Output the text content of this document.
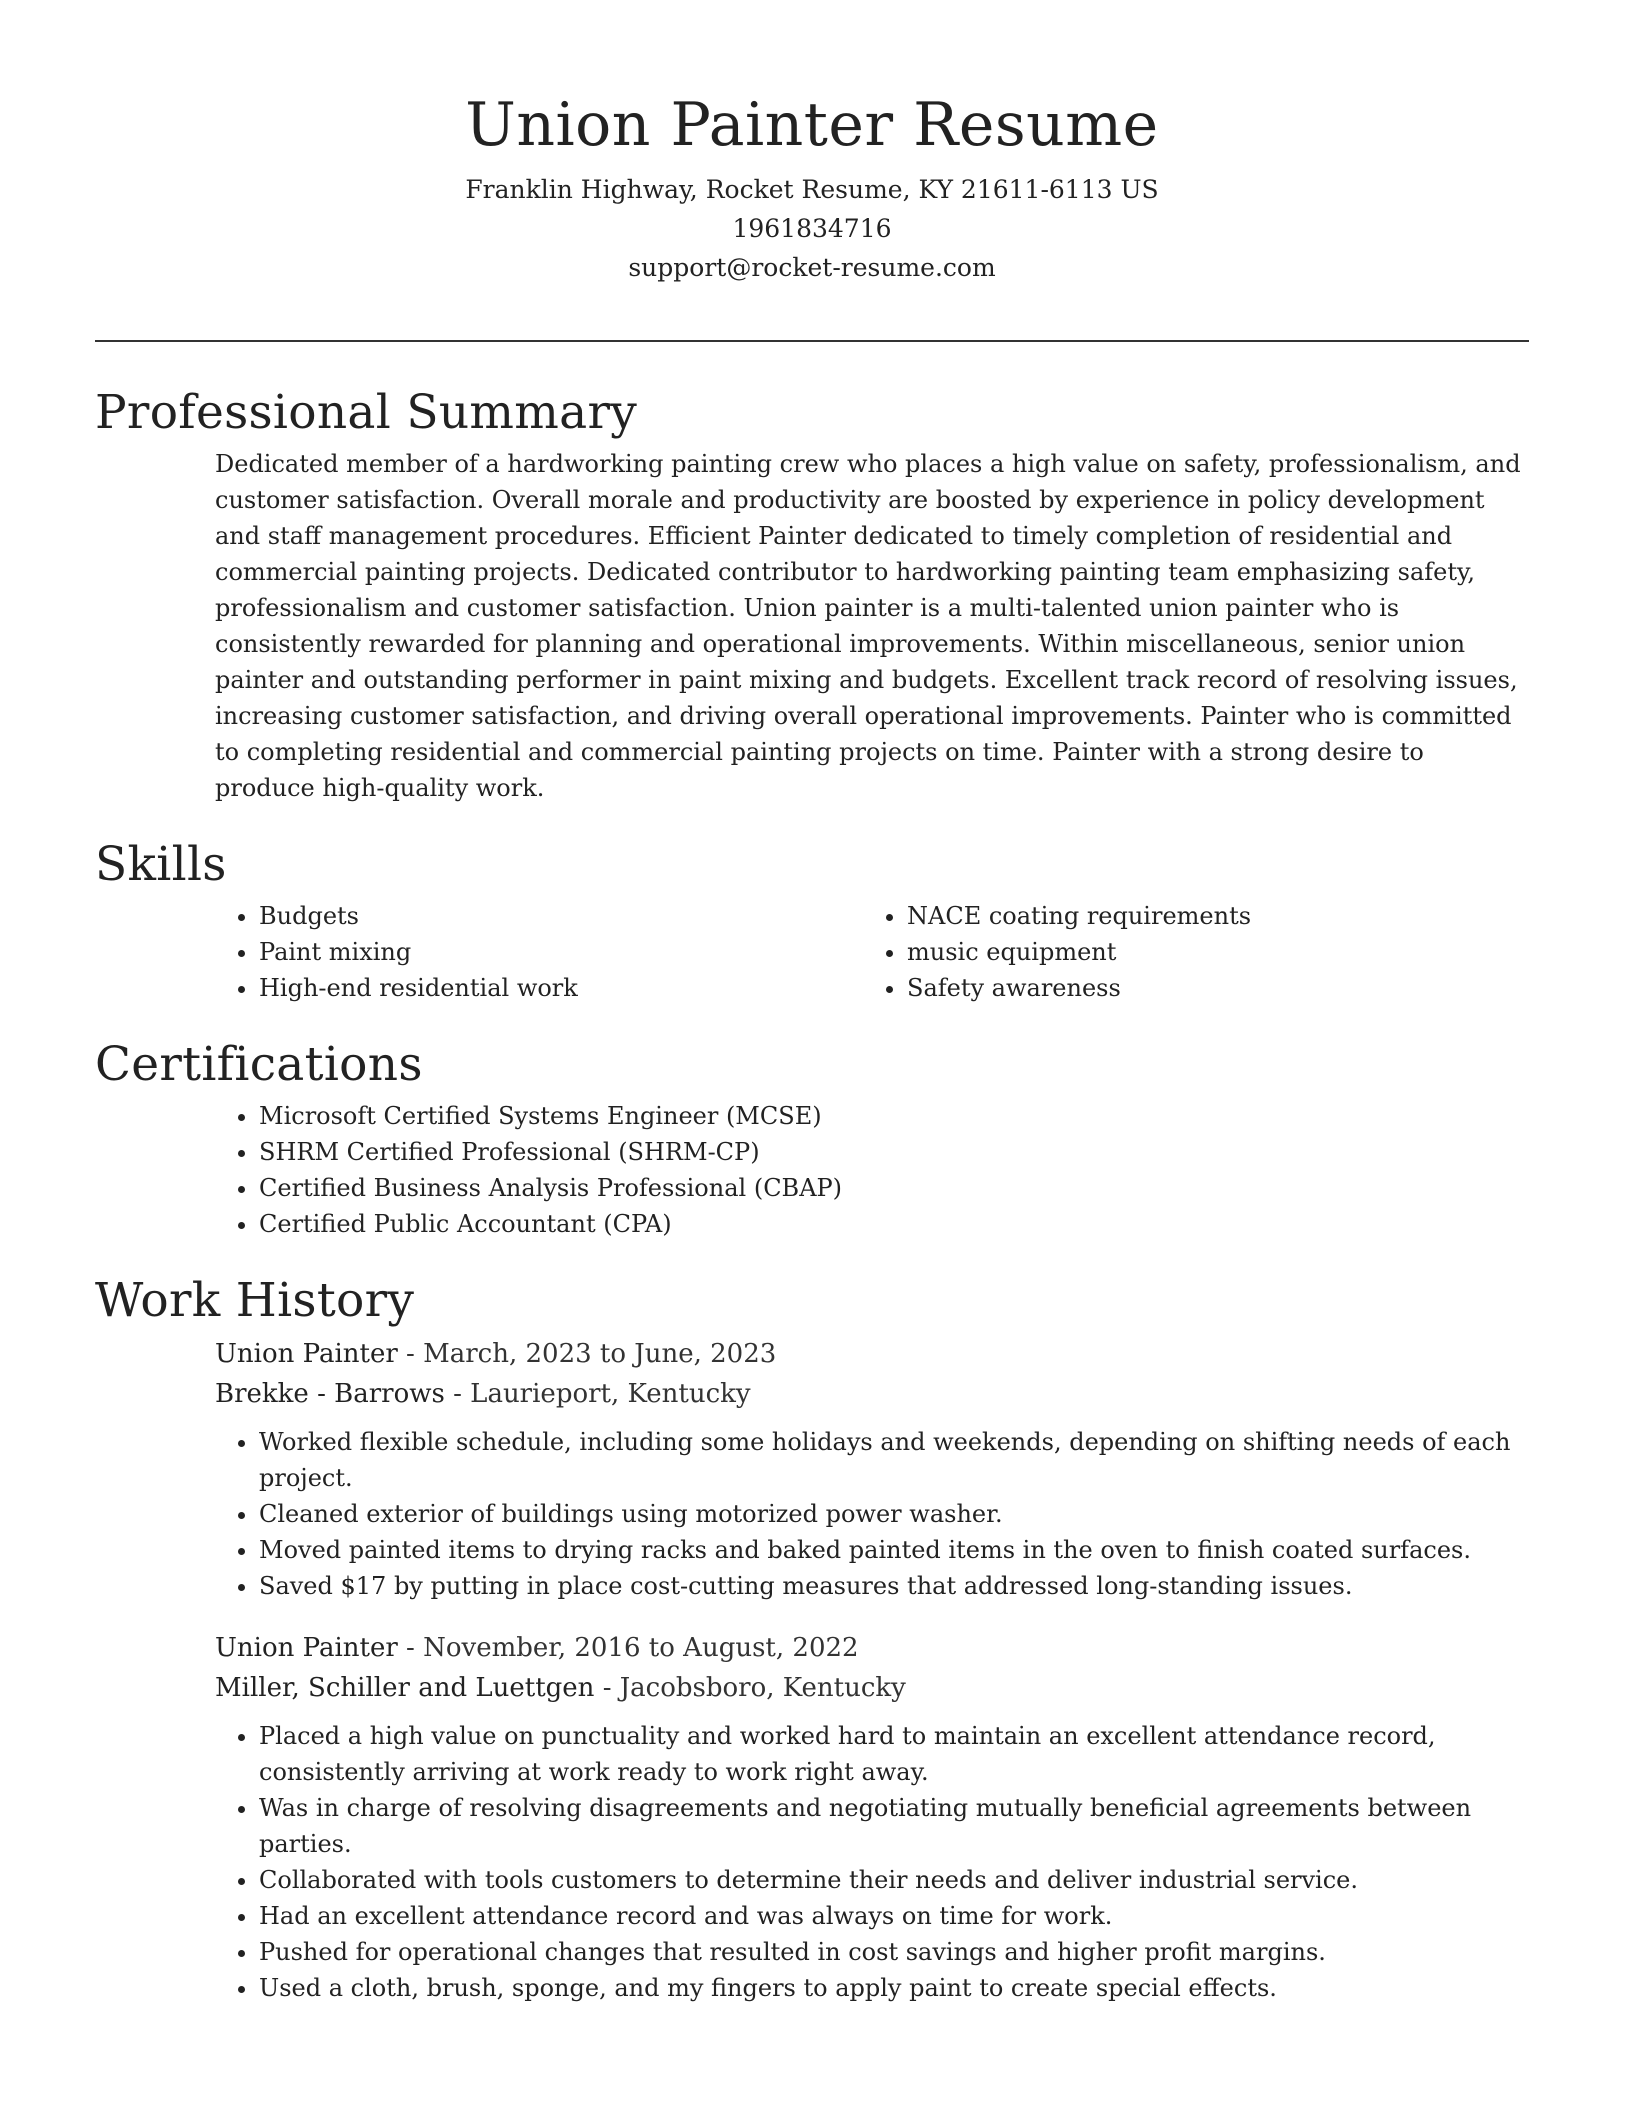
Union Painter Resume
Franklin Highway, Rocket Resume, KY 21611-6113 US
1961834716
support@rocket-resume.com
Professional Summary

Dedicated member of a hardworking painting crew who places a high value on safety, professionalism, and customer satisfaction. Overall morale and productivity are boosted by experience in policy development and staff management procedures. Efficient Painter dedicated to timely completion of residential and commercial painting projects. Dedicated contributor to hardworking painting team emphasizing safety, professionalism and customer satisfaction. Union painter is a multi-talented union painter who is consistently rewarded for planning and operational improvements. Within miscellaneous, senior union painter and outstanding performer in paint mixing and budgets. Excellent track record of resolving issues, increasing customer satisfaction, and driving overall operational improvements. Painter who is committed to completing residential and commercial painting projects on time. Painter with a strong desire to produce high-quality work.

Skills
• Budgets
• Paint mixing
• High-end residential work
• NACE coating requirements
• music equipment
• Safety awareness
Certifications
• Microsoft Certified Systems Engineer (MCSE)
• SHRM Certified Professional (SHRM-CP)
• Certified Business Analysis Professional (CBAP)
• Certified Public Accountant (CPA)
Work History
Union Painter - March, 2023 to June, 2023
Brekke - Barrows - Laurieport, Kentucky
• Worked flexible schedule, including some holidays and weekends, depending on shifting needs of each project.
• Cleaned exterior of buildings using motorized power washer.
• Moved painted items to drying racks and baked painted items in the oven to finish coated surfaces.
• Saved $17 by putting in place cost-cutting measures that addressed long-standing issues.
Union Painter - November, 2016 to August, 2022
Miller, Schiller and Luettgen - Jacobsboro, Kentucky
• Placed a high value on punctuality and worked hard to maintain an excellent attendance record, consistently arriving at work ready to work right away.
• Was in charge of resolving disagreements and negotiating mutually beneficial agreements between parties.
• Collaborated with tools customers to determine their needs and deliver industrial service.
• Had an excellent attendance record and was always on time for work.
• Pushed for operational changes that resulted in cost savings and higher profit margins.
• Used a cloth, brush, sponge, and my fingers to apply paint to create special effects.
